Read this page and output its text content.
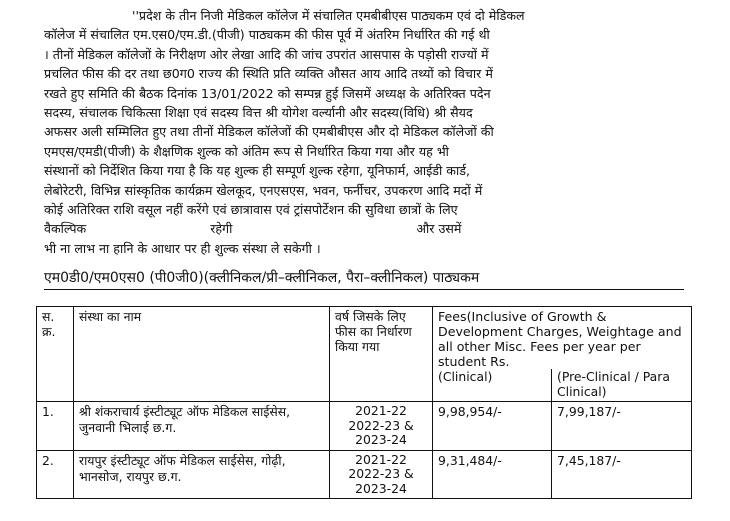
''प्रदेश के तीन निजी मेडिकल कॉलेज में संचालित एमबीबीएस पाठ्यकम एवं दो मेडिकल
कॉलेज में संचालित एम.एस0/एम.डी.(पीजी) पाठ्यकम की फीस पूर्व में अंतरिम निर्धारित की गई थी
। तीनों मेडिकल कॉलेजों के निरीक्षण ओर लेखा आदि की जांच उपरांत आसपास के पड़ोसी राज्यों में
प्रचलित फीस की दर तथा छ0ग0 राज्य की स्थिति प्रति व्यक्ति औसत आय आदि तथ्यों को विचार में
रखते हुए समिति की बैठक दिनांक 13/01/2022 को सम्पन्न हुई जिसमें अध्यक्ष के अतिरिक्त पदेन
सदस्य, संचालक चिकित्सा शिक्षा एवं सदस्य वित्त श्री योगेश वर्ल्यानी और सदस्य(विधि) श्री सैयद
अफसर अली सम्मिलित हुए तथा तीनों मेडिकल कॉलेजों की एमबीबीएस और दो मेडिकल कॉलेजों की
एमएस/एमडी(पीजी) के शैक्षणिक शुल्क को अंतिम रूप से निर्धारित किया गया और यह भी
संस्थानों को निर्देशित किया गया है कि यह शुल्क ही सम्पूर्ण शुल्क रहेगा, यूनिफार्म, आईडी कार्ड,
लेबोरेटरी, विभिन्न सांस्कृतिक कार्यक्रम खेलकूद, एनएसएस, भवन, फर्नीचर, उपकरण आदि मदों में
कोई अतिरिक्त राशि वसूल नहीं करेंगे एवं छात्रावास एवं ट्रांसपोर्टेशन की सुविधा छात्रों के लिए
वैकल्पिक	रहेगी	और उसमें
भी ना लाभ ना हानि के आधार पर ही शुल्क संस्था ले सकेगी ।
एम0डी0/एम0एस0 (पी0जी0)(क्लीनिकल/प्री–क्लीनिकल, पैरा–क्लीनिकल) पाठ्यकम
स. क्र.	संस्था का नाम	वर्ष जिसके लिए फीस का निर्धारण किया गया	Fees(Inclusive of Growth & Development Charges, Weightage and all other Misc. Fees per year per student Rs.	
			(Clinical)	(Pre-Clinical / Para Clinical)
1.	श्री शंकराचार्य इंस्टीट्यूट ऑफ मेडिकल साईसेस, जुनवानी भिलाई छ.ग.	2021-22
2022-23 &
2023-24	9,98,954/-	7,99,187/-
2.	रायपुर इंस्टीट्यूट ऑफ मेडिकल साईसेस, गोढ़ी, भानसोज, रायपुर छ.ग.	2021-22
2022-23 &
2023-24	9,31,484/-	7,45,187/-
